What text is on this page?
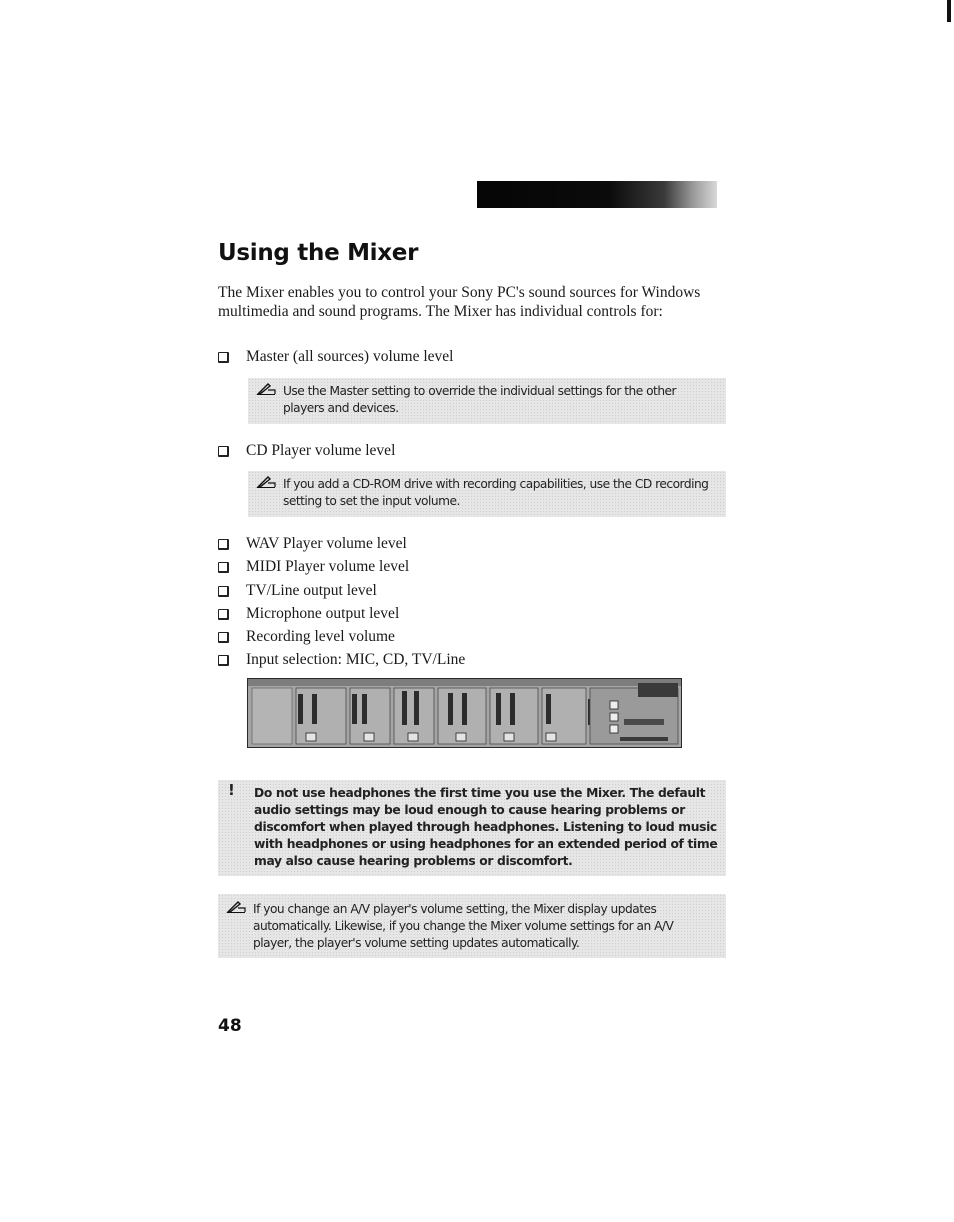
Using the Mixer

The Mixer enables you to control your Sony PC's sound sources for Windows multimedia and sound programs. The Mixer has individual controls for:

Master (all sources) volume level
Use the Master setting to override the individual settings for the other players and devices.
CD Player volume level
If you add a CD-ROM drive with recording capabilities, use the CD recording setting to set the input volume.
WAV Player volume level
MIDI Player volume level
TV/Line output level
Microphone output level
Recording level volume
Input selection: MIC, CD, TV/Line
! Do not use headphones the first time you use the Mixer. The default audio settings may be loud enough to cause hearing problems or discomfort when played through headphones. Listening to loud music with headphones or using headphones for an extended period of time may also cause hearing problems or discomfort.
If you change an A/V player's volume setting, the Mixer display updates automatically. Likewise, if you change the Mixer volume settings for an A/V player, the player's volume setting updates automatically.
48
